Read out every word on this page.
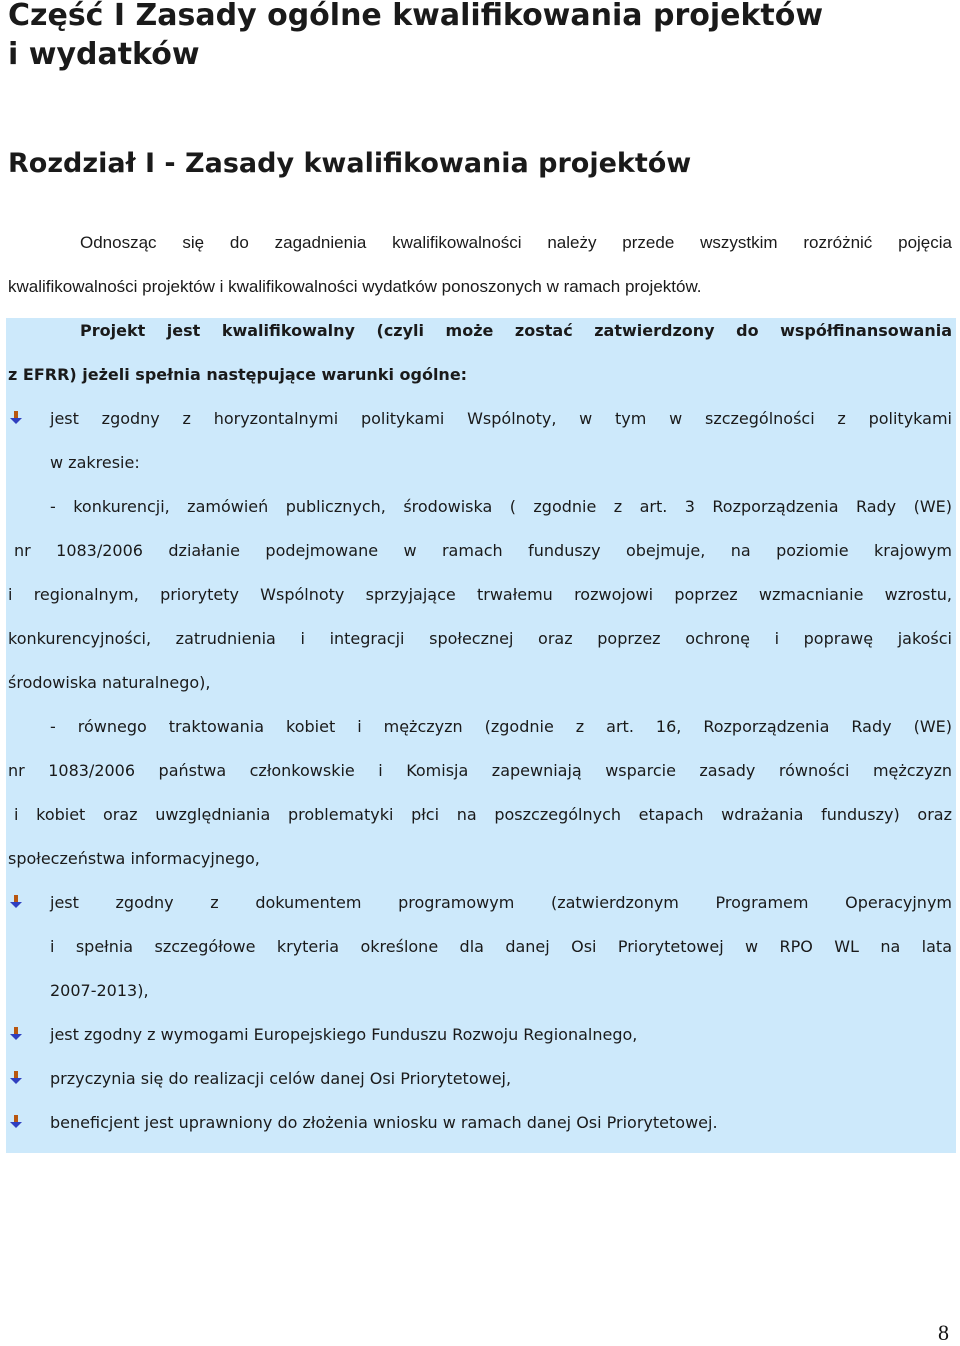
Część I Zasady ogólne kwalifikowania projektów
i wydatków
Rozdział I - Zasady kwalifikowania projektów
Odnosząc się do zagadnienia kwalifikowalności należy przede wszystkim rozróżnić pojęcia
kwalifikowalności projektów i kwalifikowalności wydatków ponoszonych w ramach projektów.
Projekt jest kwalifikowalny (czyli może zostać zatwierdzony do współfinansowania
z EFRR) jeżeli spełnia następujące warunki ogólne:
jest zgodny z horyzontalnymi politykami Wspólnoty, w tym w szczególności z politykami
w zakresie:
- konkurencji, zamówień publicznych, środowiska ( zgodnie z art. 3 Rozporządzenia Rady (WE)
nr 1083/2006 działanie podejmowane w ramach funduszy obejmuje, na poziomie krajowym
i regionalnym, priorytety Wspólnoty sprzyjające trwałemu rozwojowi poprzez wzmacnianie wzrostu,
konkurencyjności, zatrudnienia i integracji społecznej oraz poprzez ochronę i poprawę jakości
środowiska naturalnego),
- równego traktowania kobiet i mężczyzn (zgodnie z art. 16, Rozporządzenia Rady (WE)
nr 1083/2006 państwa członkowskie i Komisja zapewniają wsparcie zasady równości mężczyzn
i kobiet oraz uwzględniania problematyki płci na poszczególnych etapach wdrażania funduszy) oraz
społeczeństwa informacyjnego,
jest zgodny z dokumentem programowym (zatwierdzonym Programem Operacyjnym
i spełnia szczegółowe kryteria określone dla danej Osi Priorytetowej w RPO WL na lata
2007-2013),
jest zgodny z wymogami Europejskiego Funduszu Rozwoju Regionalnego,
przyczynia się do realizacji celów danej Osi Priorytetowej,
beneficjent jest uprawniony do złożenia wniosku w ramach danej Osi Priorytetowej.
8
